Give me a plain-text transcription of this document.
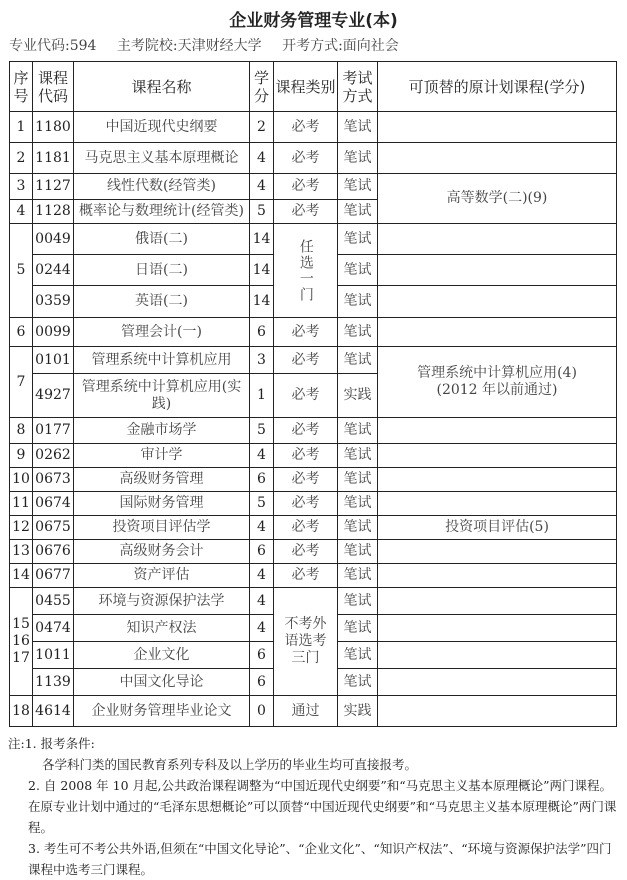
企业财务管理专业(本)
专业代码:594 主考院校:天津财经大学 开考方式:面向社会
序号	课程代码	课程名称	学分	课程类别	考试方式	可顶替的原计划课程(学分)
1	1180	中国近现代史纲要	2	必考	笔试	
2	1181	马克思主义基本原理概论	4	必考	笔试	
3	1127	线性代数(经管类)	4	必考	笔试	高等数学(二)(9)

4	1128	概率论与数理统计(经管类)	5	必考	笔试	
5	0049	俄语(二)	14	任选一门	笔试	
	0244	日语(二)	14		笔试	
	0359	英语(二)	14		笔试	
6	0099	管理会计(一)	6	必考	笔试	
7	0101	管理系统中计算机应用	3	必考	笔试	管理系统中计算机应用(4)
(2012 年以前通过)

	4927	管理系统中计算机应用(实践)	1	必考	实践	
8	0177	金融市场学	5	必考	笔试	
9	0262	审计学	4	必考	笔试	
10	0673	高级财务管理	6	必考	笔试	
11	0674	国际财务管理	5	必考	笔试	
12	0675	投资项目评估学	4	必考	笔试	投资项目评估(5)

13	0676	高级财务会计	6	必考	笔试	
14	0677	资产评估	4	必考	笔试	
15 16 17	0455	环境与资源保护法学	4	不考外语选考三门	笔试	
	0474	知识产权法	4		笔试	
	1011	企业文化	6		笔试	
	1139	中国文化导论	6		笔试	
18	4614	企业财务管理毕业论文	0	通过	实践	
注:1. 报考条件:
各学科门类的国民教育系列专科及以上学历的毕业生均可直接报考。
2. 自 2008 年 10 月起,公共政治课程调整为“中国近现代史纲要”和“马克思主义基本原理概论”两门课程。在原专业计划中通过的“毛泽东思想概论”可以顶替“中国近现代史纲要”和“马克思主义基本原理概论”两门课程。
3. 考生可不考公共外语,但须在“中国文化导论”、“企业文化”、“知识产权法”、“环境与资源保护法学”四门课程中选考三门课程。
